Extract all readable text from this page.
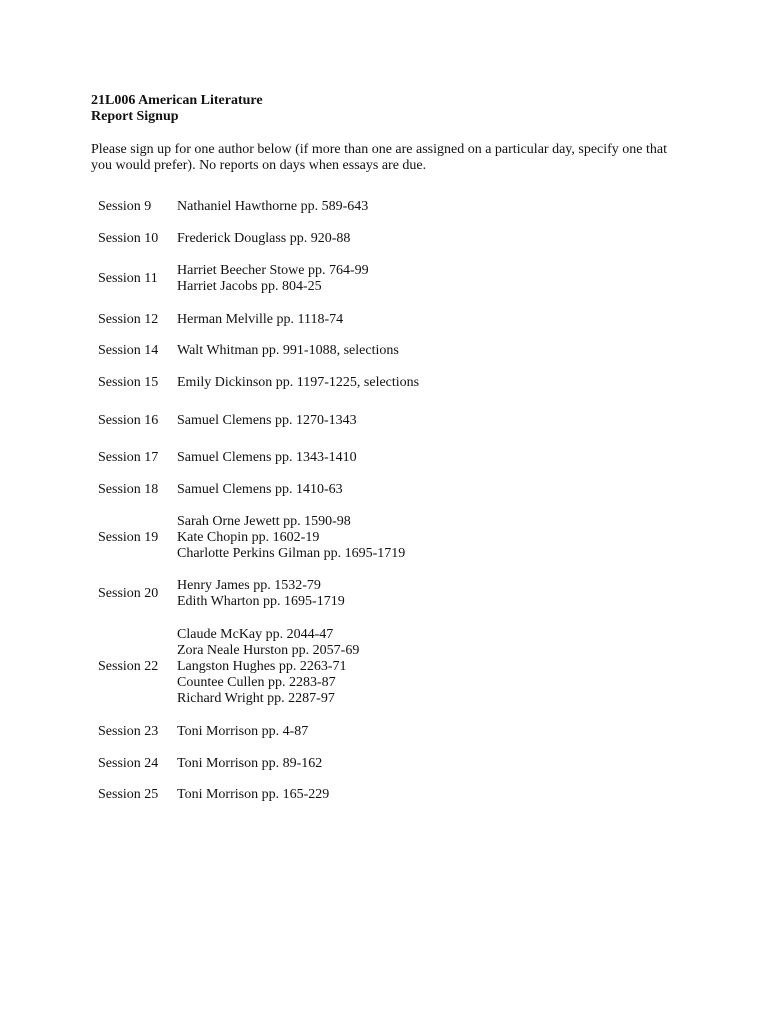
21L006 American Literature
Report Signup
Please sign up for one author below (if more than one are assigned on a particular day, specify one that
you would prefer). No reports on days when essays are due.
Session 9 Nathaniel Hawthorne pp. 589-643
Session 10 Frederick Douglass pp. 920-88
Session 11
Harriet Beecher Stowe pp. 764-99
Harriet Jacobs pp. 804-25
Session 12 Herman Melville pp. 1118-74
Session 14 Walt Whitman pp. 991-1088, selections
Session 15 Emily Dickinson pp. 1197-1225, selections
Session 16 Samuel Clemens pp. 1270-1343
Session 17 Samuel Clemens pp. 1343-1410
Session 18 Samuel Clemens pp. 1410-63
Session 19
Sarah Orne Jewett pp. 1590-98
Kate Chopin pp. 1602-19
Charlotte Perkins Gilman pp. 1695-1719
Session 20
Henry James pp. 1532-79
Edith Wharton pp. 1695-1719
Session 22
Claude McKay pp. 2044-47
Zora Neale Hurston pp. 2057-69
Langston Hughes pp. 2263-71
Countee Cullen pp. 2283-87
Richard Wright pp. 2287-97
Session 23 Toni Morrison pp. 4-87
Session 24 Toni Morrison pp. 89-162
Session 25 Toni Morrison pp. 165-229
